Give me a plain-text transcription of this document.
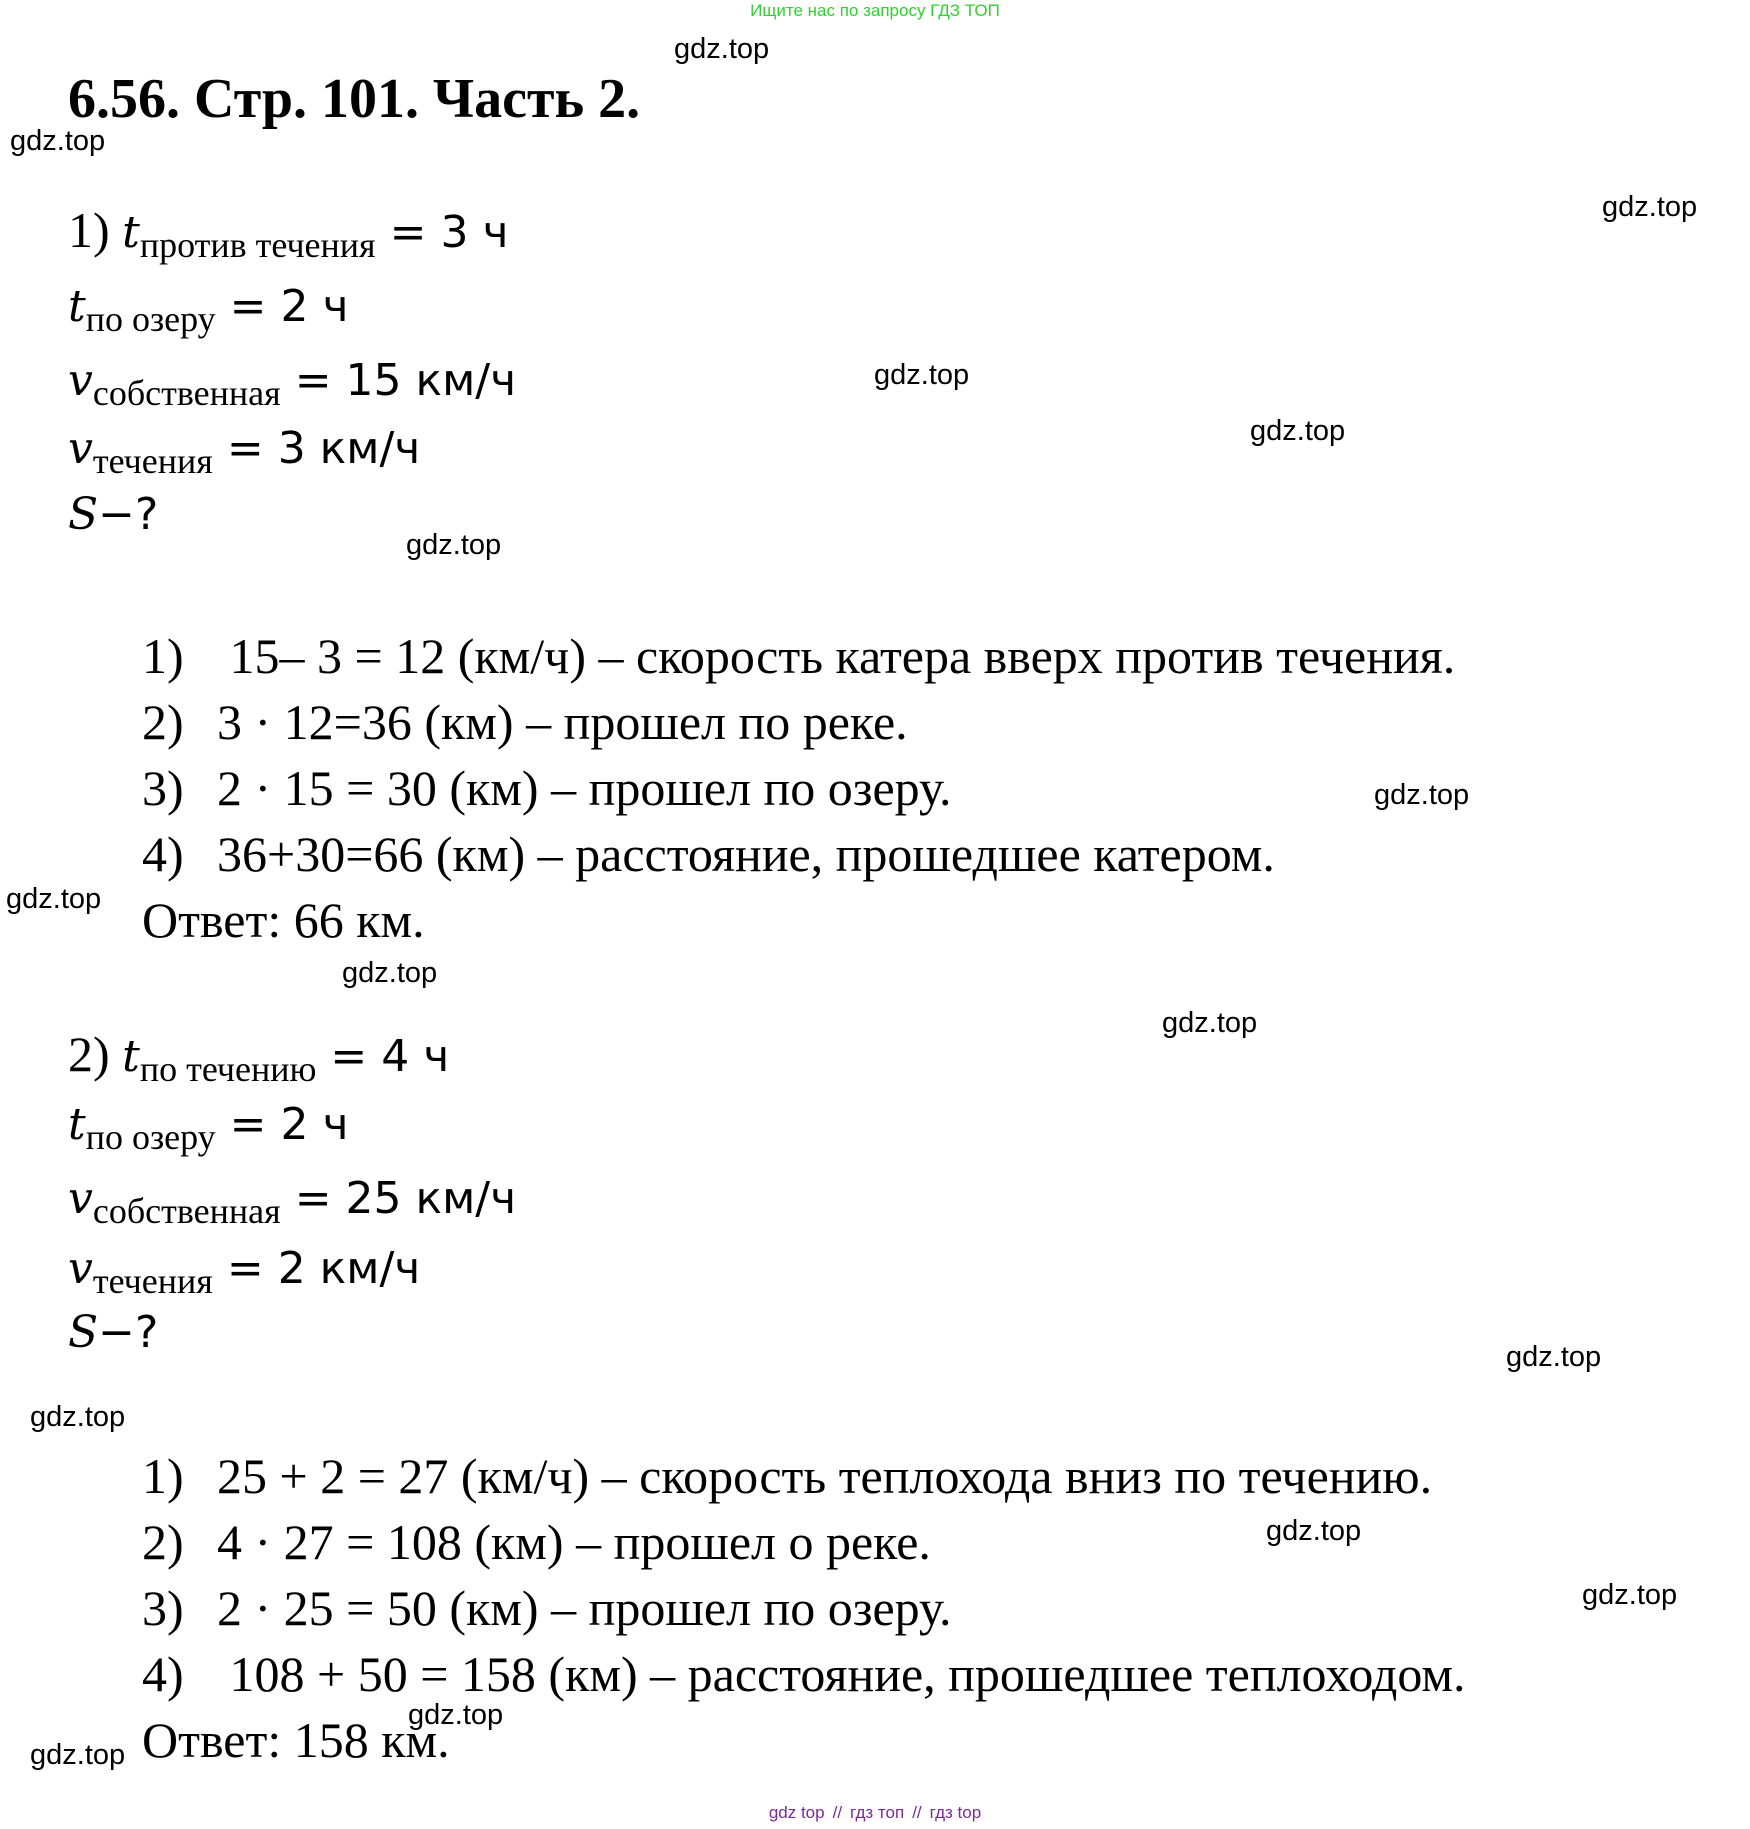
Ищите нас по запросу ГДЗ ТОП
6.56. Стр. 101. Часть 2.
1) $t_{против течения} = 3$ ч
$t_{по озеру} = 2$ ч
$v_{собственная} = 15$ км/ч
$v_{течения} = 3$ км/ч
S−?
1) 15– 3 = 12 (км/ч) – скорость катера вверх против течения.
2) 3 · 12=36 (км) – прошел по реке.
3) 2 · 15 = 30 (км) – прошел по озеру.
4) 36+30=66 (км) – расстояние, прошедшее катером.
Ответ: 66 км.
2) $t_{по течению} = 4$ ч
$t_{по озеру} = 2$ ч
$v_{собственная} = 25$ км/ч
$v_{течения} = 2$ км/ч
S−?
1) 25 + 2 = 27 (км/ч) – скорость теплохода вниз по течению.
2) 4 · 27 = 108 (км) – прошел о реке.
3) 2 · 25 = 50 (км) – прошел по озеру.
4) 108 + 50 = 158 (км) – расстояние, прошедшее теплоходом.
Ответ: 158 км.
gdz.top
gdz.top
gdz.top
gdz.top
gdz.top
gdz.top
gdz.top
gdz.top
gdz.top
gdz.top
gdz.top
gdz.top
gdz.top
gdz.top
gdz.top
gdz.top
gdz top // гдз топ // гдз top
